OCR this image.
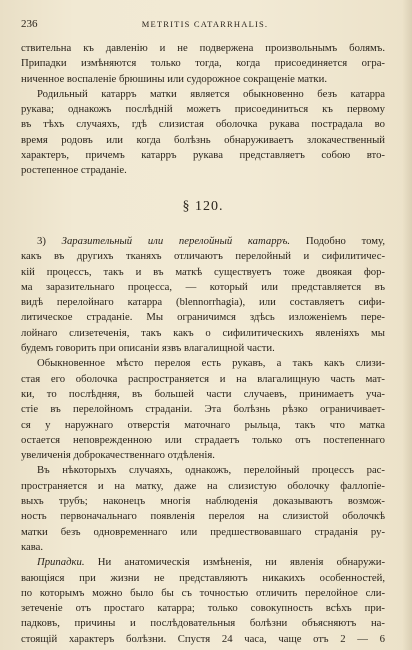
236	METRITIS CATARRHALIS.

ствительна къ давленію и не подвержена произвольнымъ болямъ.
Припадки измѣняются только тогда, когда присоединяется огра-
ниченное воспаленіе брюшины или судорожное сокращеніе матки.

Родильный катарръ матки является обыкновенно безъ катарра
рукава; однакожъ послѣдній можетъ присоединиться къ первому
въ тѣхъ случаяхъ, гдѣ слизистая оболочка рукава пострадала во
время родовъ или когда болѣзнь обнаруживаетъ злокачественный
характеръ, причемъ катарръ рукава представляетъ собою вто-
ростепенное страданіе.

§ 120.

3) Заразительный или перелойный катарръ. Подобно тому,
какъ въ другихъ тканяхъ отличаютъ перелойный и сифилитичес-
кій процессъ, такъ и въ маткѣ существуетъ тоже двоякая фор-
ма заразительнаго процесса, — который или представляется въ
видѣ перелойнаго катарра (blennorrhagia), или составляетъ сифи-
литическое страданіе. Мы ограничимся здѣсь изложеніемъ пере-
лойнаго слизетеченія, такъ какъ о сифилитическихъ явленіяхъ мы
будемъ говорить при описаніи язвъ влагалищной части.

Обыкновенное мѣсто перелоя есть рукавъ, а такъ какъ слизи-
стая его оболочка распространяется и на влагалищную часть мат-
ки, то послѣдняя, въ большей части случаевъ, принимаетъ уча-
стіе въ перелойномъ страданіи. Эта болѣзнь рѣзко ограничивает-
ся у наружнаго отверстія маточнаго рыльца, такъ что матка
остается неповрежденною или страдаетъ только отъ постепеннаго
увеличенія доброкачественнаго отдѣленія.

Въ нѣкоторыхъ случаяхъ, однакожъ, перелойный процессъ рас-
пространяется и на матку, даже на слизистую оболочку фаллопіе-
выхъ трубъ; наконецъ многія наблюденія доказываютъ возмож-
ность первоначальнаго появленія перелоя на слизистой оболочкѣ
матки безъ одновременнаго или предшествовавшаго страданія ру-
кава.

Припадки. Ни анатомическія измѣненія, ни явленія обнаружи-
вающіяся при жизни не представляютъ никакихъ особенностей,
по которымъ можно было бы съ точностью отличить перелойное сли-
зетеченіе отъ простаго катарра; только совокупность всѣхъ при-
падковъ, причины и послѣдовательныя болѣзни объясняютъ на-
стоящій характеръ болѣзни. Спустя 24 часа, чаще отъ 2 — 6
